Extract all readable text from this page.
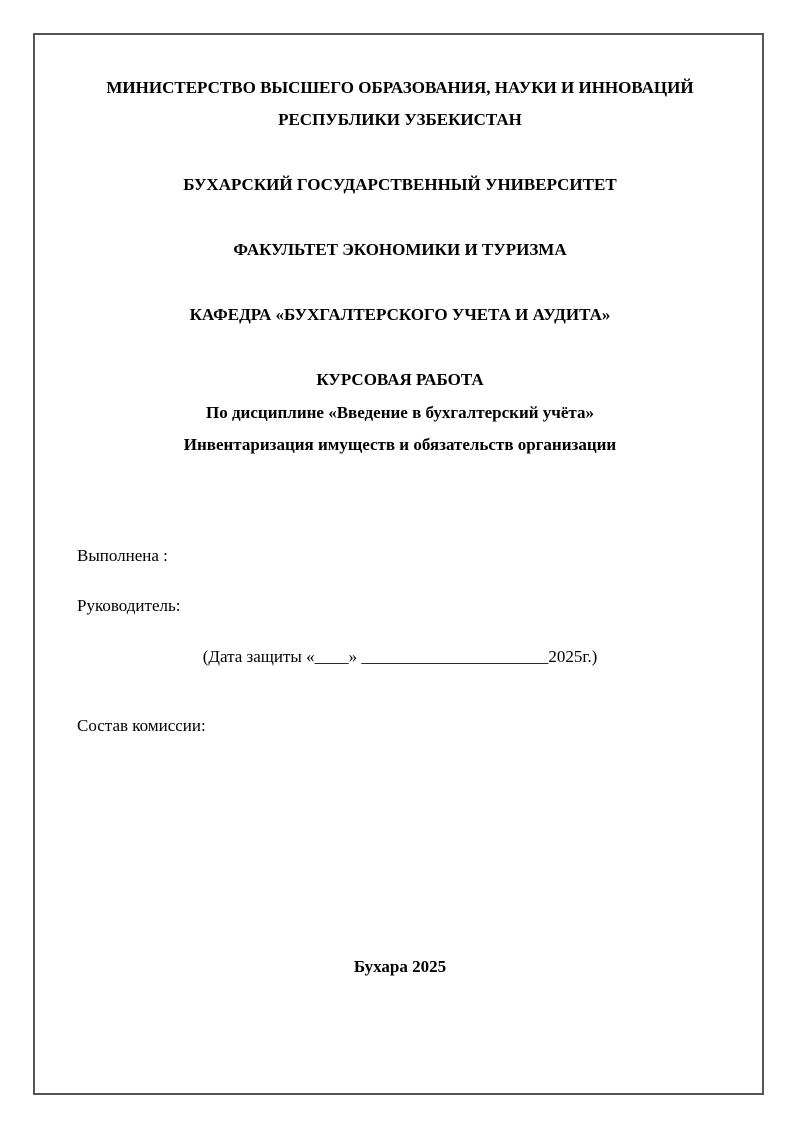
МИНИСТЕРСТВО ВЫСШЕГО ОБРАЗОВАНИЯ, НАУКИ И ИННОВАЦИЙ
РЕСПУБЛИКИ УЗБЕКИСТАН
БУХАРСКИЙ ГОСУДАРСТВЕННЫЙ УНИВЕРСИТЕТ
ФАКУЛЬТЕТ ЭКОНОМИКИ И ТУРИЗМА
КАФЕДРА «БУХГАЛТЕРСКОГО УЧЕТА И АУДИТА»
КУРСОВАЯ РАБОТА
По дисциплине «Введение в бухгалтерский учёта»
Инвентаризация имуществ и обязательств организации
Выполнена :
Руководитель:
(Дата защиты «____» ______________________2025г.)
Состав комиссии:
Бухара 2025
